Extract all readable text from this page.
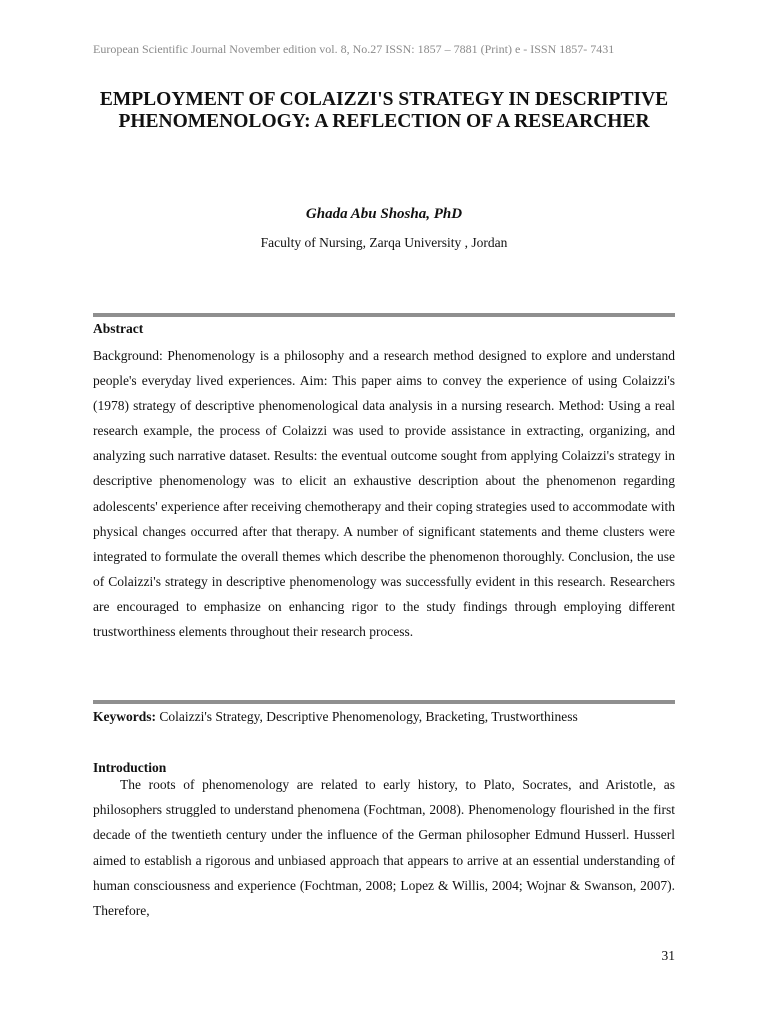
European Scientific Journal November edition vol. 8, No.27 ISSN: 1857 – 7881 (Print) e - ISSN 1857- 7431
EMPLOYMENT OF COLAIZZI'S STRATEGY IN DESCRIPTIVE PHENOMENOLOGY: A REFLECTION OF A RESEARCHER
Ghada Abu Shosha, PhD
Faculty of Nursing, Zarqa University , Jordan
Abstract

Background: Phenomenology is a philosophy and a research method designed to explore and understand people's everyday lived experiences. Aim: This paper aims to convey the experience of using Colaizzi's (1978) strategy of descriptive phenomenological data analysis in a nursing research. Method: Using a real research example, the process of Colaizzi was used to provide assistance in extracting, organizing, and analyzing such narrative dataset. Results: the eventual outcome sought from applying Colaizzi's strategy in descriptive phenomenology was to elicit an exhaustive description about the phenomenon regarding adolescents' experience after receiving chemotherapy and their coping strategies used to accommodate with physical changes occurred after that therapy. A number of significant statements and theme clusters were integrated to formulate the overall themes which describe the phenomenon thoroughly. Conclusion, the use of Colaizzi's strategy in descriptive phenomenology was successfully evident in this research. Researchers are encouraged to emphasize on enhancing rigor to the study findings through employing different trustworthiness elements throughout their research process.

Keywords: Colaizzi's Strategy, Descriptive Phenomenology, Bracketing, Trustworthiness
Introduction

The roots of phenomenology are related to early history, to Plato, Socrates, and Aristotle, as philosophers struggled to understand phenomena (Fochtman, 2008). Phenomenology flourished in the first decade of the twentieth century under the influence of the German philosopher Edmund Husserl. Husserl aimed to establish a rigorous and unbiased approach that appears to arrive at an essential understanding of human consciousness and experience (Fochtman, 2008; Lopez & Willis, 2004; Wojnar & Swanson, 2007). Therefore,

31
